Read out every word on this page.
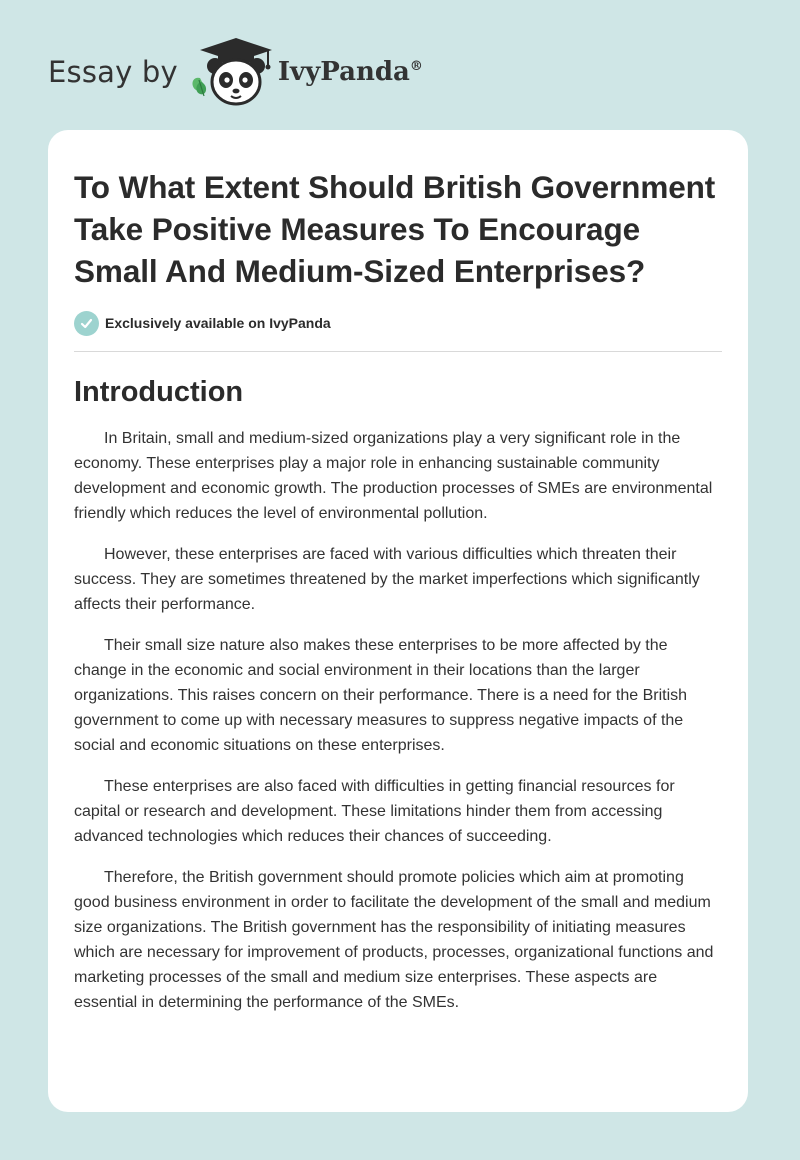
Essay by	IvyPanda®
To What Extent Should British Government Take Positive Measures To Encourage Small And Medium-Sized Enterprises?
Exclusively available on IvyPanda
Introduction

In Britain, small and medium-sized organizations play a very significant role in the economy. These enterprises play a major role in enhancing sustainable community development and economic growth. The production processes of SMEs are environmental friendly which reduces the level of environmental pollution.

However, these enterprises are faced with various difficulties which threaten their success. They are sometimes threatened by the market imperfections which significantly affects their performance.

Their small size nature also makes these enterprises to be more affected by the change in the economic and social environment in their locations than the larger organizations. This raises concern on their performance. There is a need for the British government to come up with necessary measures to suppress negative impacts of the social and economic situations on these enterprises.

These enterprises are also faced with difficulties in getting financial resources for capital or research and development. These limitations hinder them from accessing advanced technologies which reduces their chances of succeeding.

Therefore, the British government should promote policies which aim at promoting good business environment in order to facilitate the development of the small and medium size organizations. The British government has the responsibility of initiating measures which are necessary for improvement of products, processes, organizational functions and marketing processes of the small and medium size enterprises. These aspects are essential in determining the performance of the SMEs.
